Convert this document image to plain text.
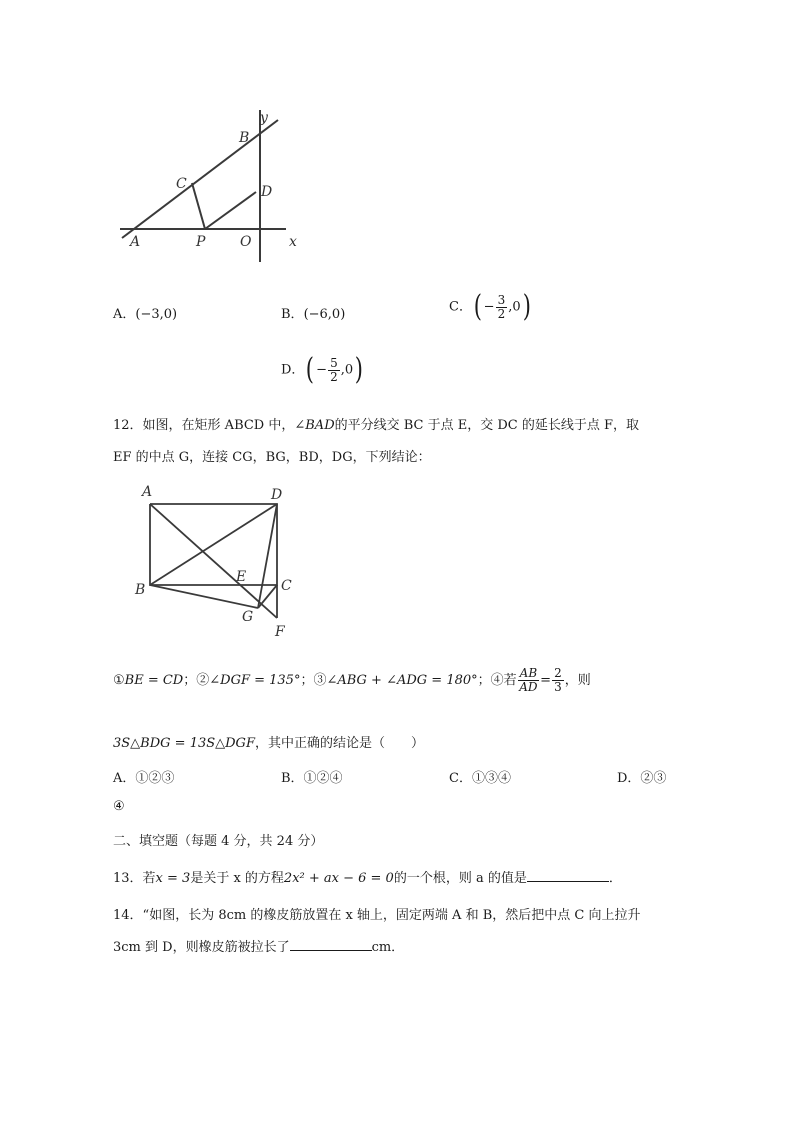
y
x
B
C	D
A	P O
A．(−3,0)	B．(−6,0)	C．( − $\frac{3}{2} ,0$)
D．( − $\frac{5}{2} ,0$)
12．如图，在矩形 ABCD 中，∠BAD的平分线交 BC 于点 E，交 DC 的延长线于点 F，取
EF 的中点 G，连接 CG，BG，BD，DG，下列结论：
A	D
B
E
C
G
F
①BE = CD；②∠DGF = 135°；③∠ABG + ∠ADG = 180°；④若 $\frac{AB}{AD} = \frac{2}{3}$ ，则
3S△BDG = 13S△DGF，其中正确的结论是（　　）
A．①②③	B．①②④	C．①③④	D．②③
④
二、填空题（每题 4 分，共 24 分）
13．若x = 3是关于 x 的方程2x² + ax − 6 = 0的一个根，则 a 的值是	．
14．“如图，长为 8cm 的橡皮筋放置在 x 轴上，固定两端 A 和 B，然后把中点 C 向上拉升
3cm 到 D，则橡皮筋被拉长了	cm．
